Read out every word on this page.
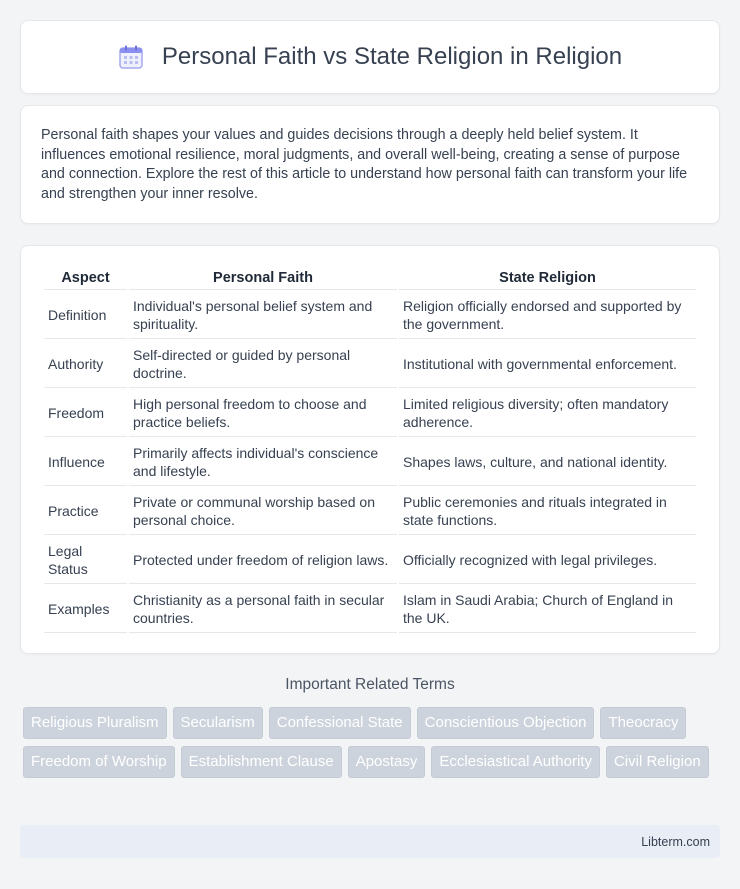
Personal Faith vs State Religion in Religion

Personal faith shapes your values and guides decisions through a deeply held belief system. It influences emotional resilience, moral judgments, and overall well-being, creating a sense of purpose and connection. Explore the rest of this article to understand how personal faith can transform your life and strengthen your inner resolve.

Aspect	Personal Faith	State Religion
Definition	Individual's personal belief system and spirituality.	Religion officially endorsed and supported by the government.
Authority	Self-directed or guided by personal doctrine.	Institutional with governmental enforcement.
Freedom	High personal freedom to choose and practice beliefs.	Limited religious diversity; often mandatory adherence.
Influence	Primarily affects individual's conscience and lifestyle.	Shapes laws, culture, and national identity.
Practice	Private or communal worship based on personal choice.	Public ceremonies and rituals integrated in state functions.
Legal Status	Protected under freedom of religion laws.	Officially recognized with legal privileges.
Examples	Christianity as a personal faith in secular countries.	Islam in Saudi Arabia; Church of England in the UK.
Important Related Terms
Religious Pluralism	Secularism	Confessional State	Conscientious Objection	Theocracy
Freedom of Worship	Establishment Clause	Apostasy	Ecclesiastical Authority	Civil Religion
Libterm.com
